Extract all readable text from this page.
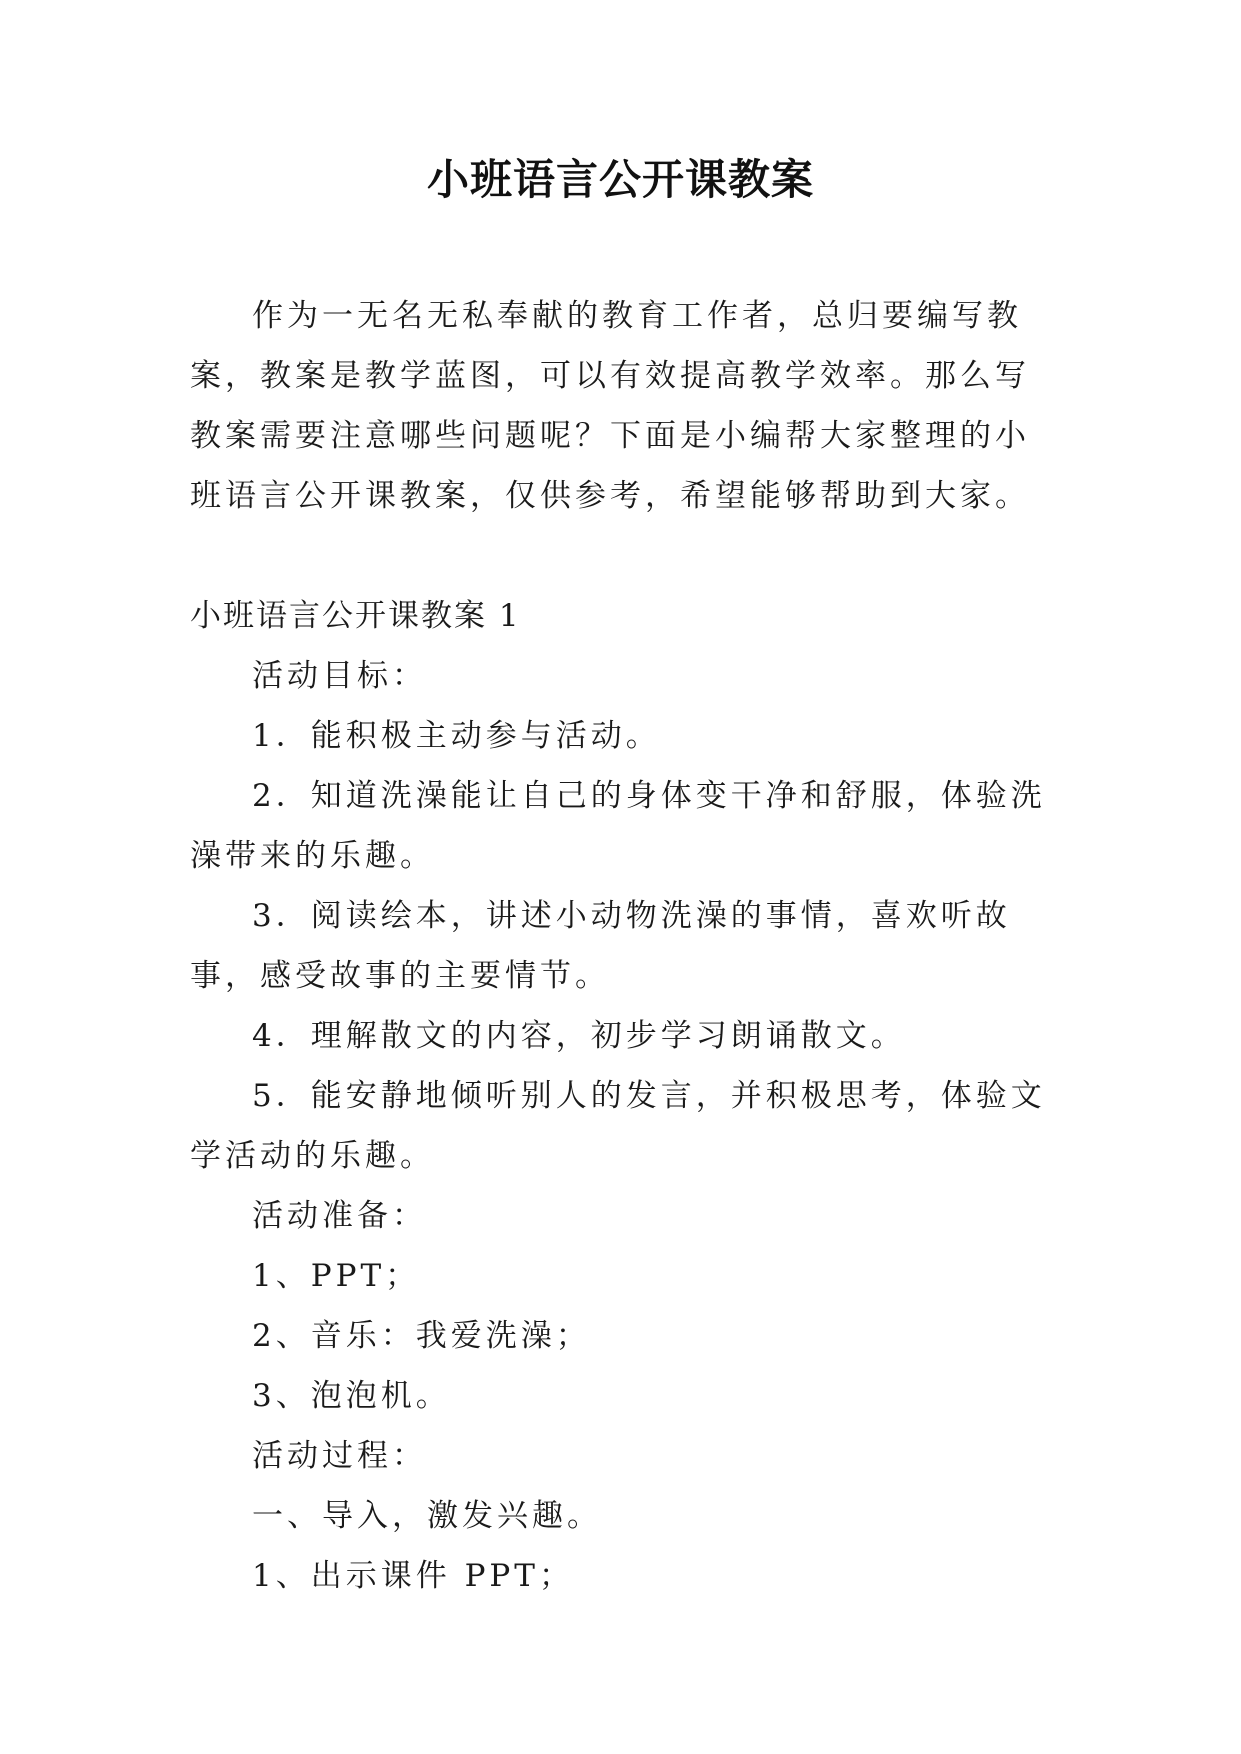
小班语言公开课教案

作为一无名无私奉献的教育工作者，总归要编写教案，教案是教学蓝图，可以有效提高教学效率。那么写教案需要注意哪些问题呢？下面是小编帮大家整理的小班语言公开课教案，仅供参考，希望能够帮助到大家。

小班语言公开课教案 1

活动目标：

1．能积极主动参与活动。

2．知道洗澡能让自己的身体变干净和舒服，体验洗澡带来的乐趣。

3．阅读绘本，讲述小动物洗澡的事情，喜欢听故事，感受故事的主要情节。

4．理解散文的内容，初步学习朗诵散文。

5．能安静地倾听别人的发言，并积极思考，体验文学活动的乐趣。

活动准备：

1、PPT；

2、音乐：我爱洗澡；

3、泡泡机。

活动过程：

一、导入，激发兴趣。

1、出示课件 PPT；
